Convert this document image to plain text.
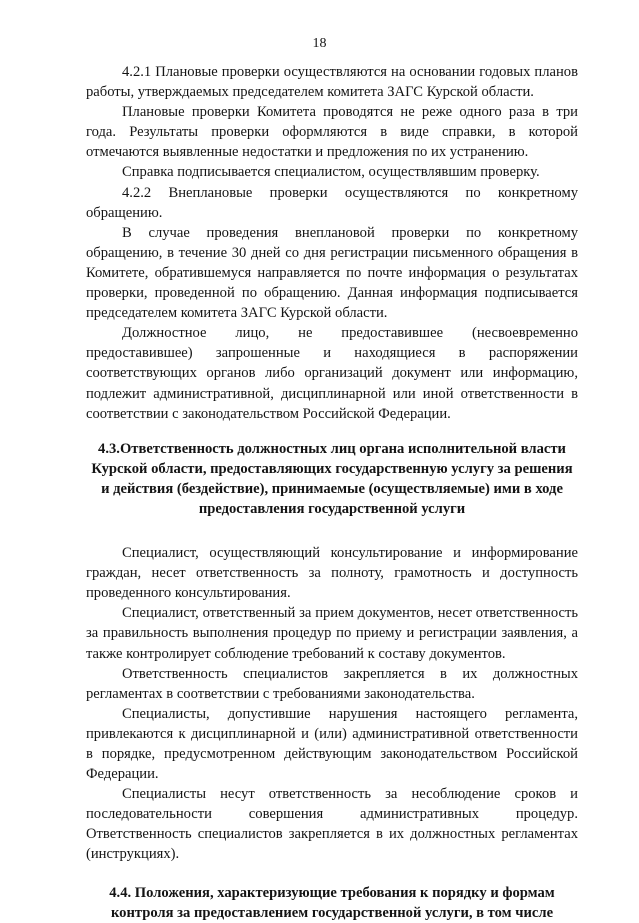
18

4.2.1 Плановые проверки осуществляются на основании годовых планов работы, утверждаемых председателем комитета ЗАГС Курской области.

Плановые проверки Комитета проводятся не реже одного раза в три года. Результаты проверки оформляются в виде справки, в которой отмечаются выявленные недостатки и предложения по их устранению.

Справка подписывается специалистом, осуществлявшим проверку.

4.2.2 Внеплановые проверки осуществляются по конкретному обращению.

В случае проведения внеплановой проверки по конкретному обращению, в течение 30 дней со дня регистрации письменного обращения в Комитете, обратившемуся направляется по почте информация о результатах проверки, проведенной по обращению. Данная информация подписывается председателем комитета ЗАГС Курской области.

Должностное лицо, не предоставившее (несвоевременно предоставившее) запрошенные и находящиеся в распоряжении соответствующих органов либо организаций документ или информацию, подлежит административной, дисциплинарной или иной ответственности в соответствии с законодательством Российской Федерации.

4.3.Ответственность должностных лиц органа исполнительной власти Курской области, предоставляющих государственную услугу за решения и действия (бездействие), принимаемые (осуществляемые) ими в ходе предоставления государственной услуги

Специалист, осуществляющий консультирование и информирование граждан, несет ответственность за полноту, грамотность и доступность проведенного консультирования.

Специалист, ответственный за прием документов, несет ответственность за правильность выполнения процедур по приему и регистрации заявления, а также контролирует соблюдение требований к составу документов.

Ответственность специалистов закрепляется в их должностных регламентах в соответствии с требованиями законодательства.

Специалисты, допустившие нарушения настоящего регламента, привлекаются к дисциплинарной и (или) административной ответственности в порядке, предусмотренном действующим законодательством Российской Федерации.

Специалисты несут ответственность за несоблюдение сроков и последовательности совершения административных процедур. Ответственность специалистов закрепляется в их должностных регламентах (инструкциях).

4.4. Положения, характеризующие требования к порядку и формам контроля за предоставлением государственной услуги, в том числе
